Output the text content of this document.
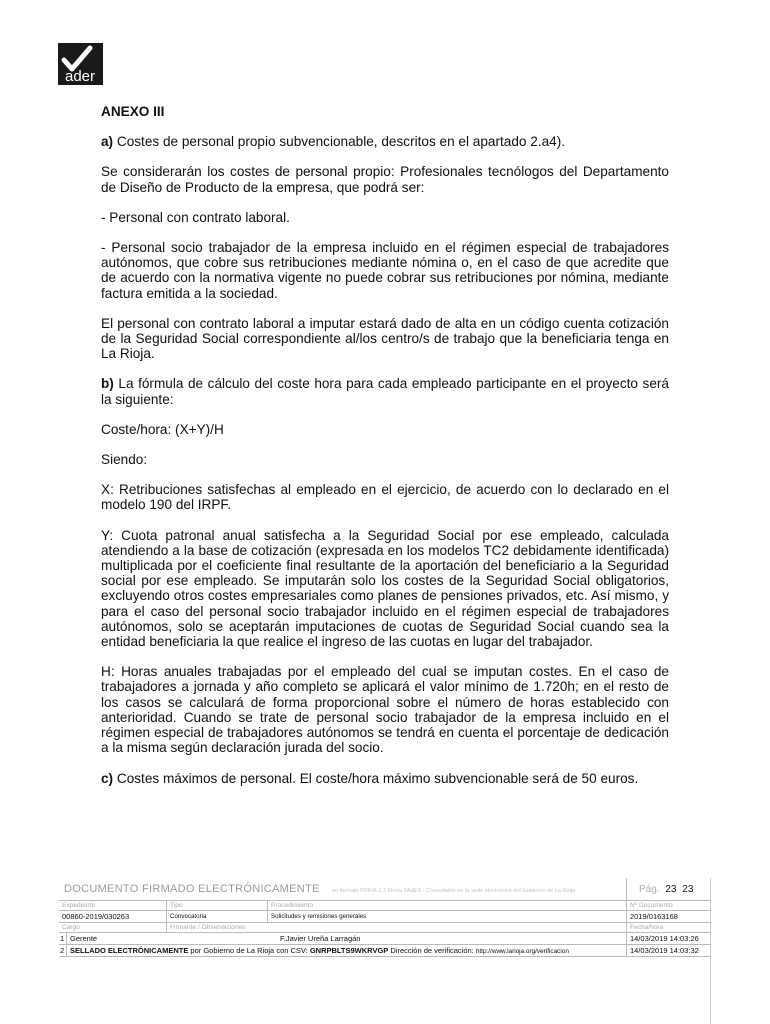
ader

ANEXO III

a) Costes de personal propio subvencionable, descritos en el apartado 2.a4).

Se considerarán los costes de personal propio: Profesionales tecnólogos del Departamento de Diseño de Producto de la empresa, que podrá ser:

- Personal con contrato laboral.

- Personal socio trabajador de la empresa incluido en el régimen especial de trabajadores autónomos, que cobre sus retribuciones mediante nómina o, en el caso de que acredite que de acuerdo con la normativa vigente no puede cobrar sus retribuciones por nómina, mediante factura emitida a la sociedad.

El personal con contrato laboral a imputar estará dado de alta en un código cuenta cotización de la Seguridad Social correspondiente al/los centro/s de trabajo que la beneficiaria tenga en La Rioja.

b) La fórmula de cálculo del coste hora para cada empleado participante en el proyecto será la siguiente:

Coste/hora: (X+Y)/H

Siendo:

X: Retribuciones satisfechas al empleado en el ejercicio, de acuerdo con lo declarado en el modelo 190 del IRPF.

Y: Cuota patronal anual satisfecha a la Seguridad Social por ese empleado, calculada atendiendo a la base de cotización (expresada en los modelos TC2 debidamente identificada) multiplicada por el coeficiente final resultante de la aportación del beneficiario a la Seguridad social por ese empleado. Se imputarán solo los costes de la Seguridad Social obligatorios, excluyendo otros costes empresariales como planes de pensiones privados, etc. Así mismo, y para el caso del personal socio trabajador incluido en el régimen especial de trabajadores autónomos, solo se aceptarán imputaciones de cuotas de Seguridad Social cuando sea la entidad beneficiaria la que realice el ingreso de las cuotas en lugar del trabajador.

H: Horas anuales trabajadas por el empleado del cual se imputan costes. En el caso de trabajadores a jornada y año completo se aplicará el valor mínimo de 1.720h; en el resto de los casos se calculará de forma proporcional sobre el número de horas establecido con anterioridad. Cuando se trate de personal socio trabajador de la empresa incluido en el régimen especial de trabajadores autónomos se tendrá en cuenta el porcentaje de dedicación a la misma según declaración jurada del socio.

c) Costes máximos de personal. El coste/hora máximo subvencionable será de 50 euros.

DOCUMENTO FIRMADO ELECTRÓNICAMENTE en formato PDF/A-1.7 Firma PAdES - Consultable en la sede electrónica del Gobierno de La Rioja	Pág. 23 23
Expediente	Tipo	Procedimiento	Nº Documento
00860-2019/030263	Convocatoria	Solicitudes y remisiones generales	2019/0163168
Cargo	Firmante / Observaciones	Fecha/hora
1 Gerente	F.Javier Ureña Larragán	14/03/2019 14:03:26
2 SELLADO ELECTRÓNICAMENTE por Gobierno de La Rioja con CSV: GNRPBLTS9WKRVGP Dirección de verificación: http://www.larioja.org/verificacion	14/03/2019 14:03:32
